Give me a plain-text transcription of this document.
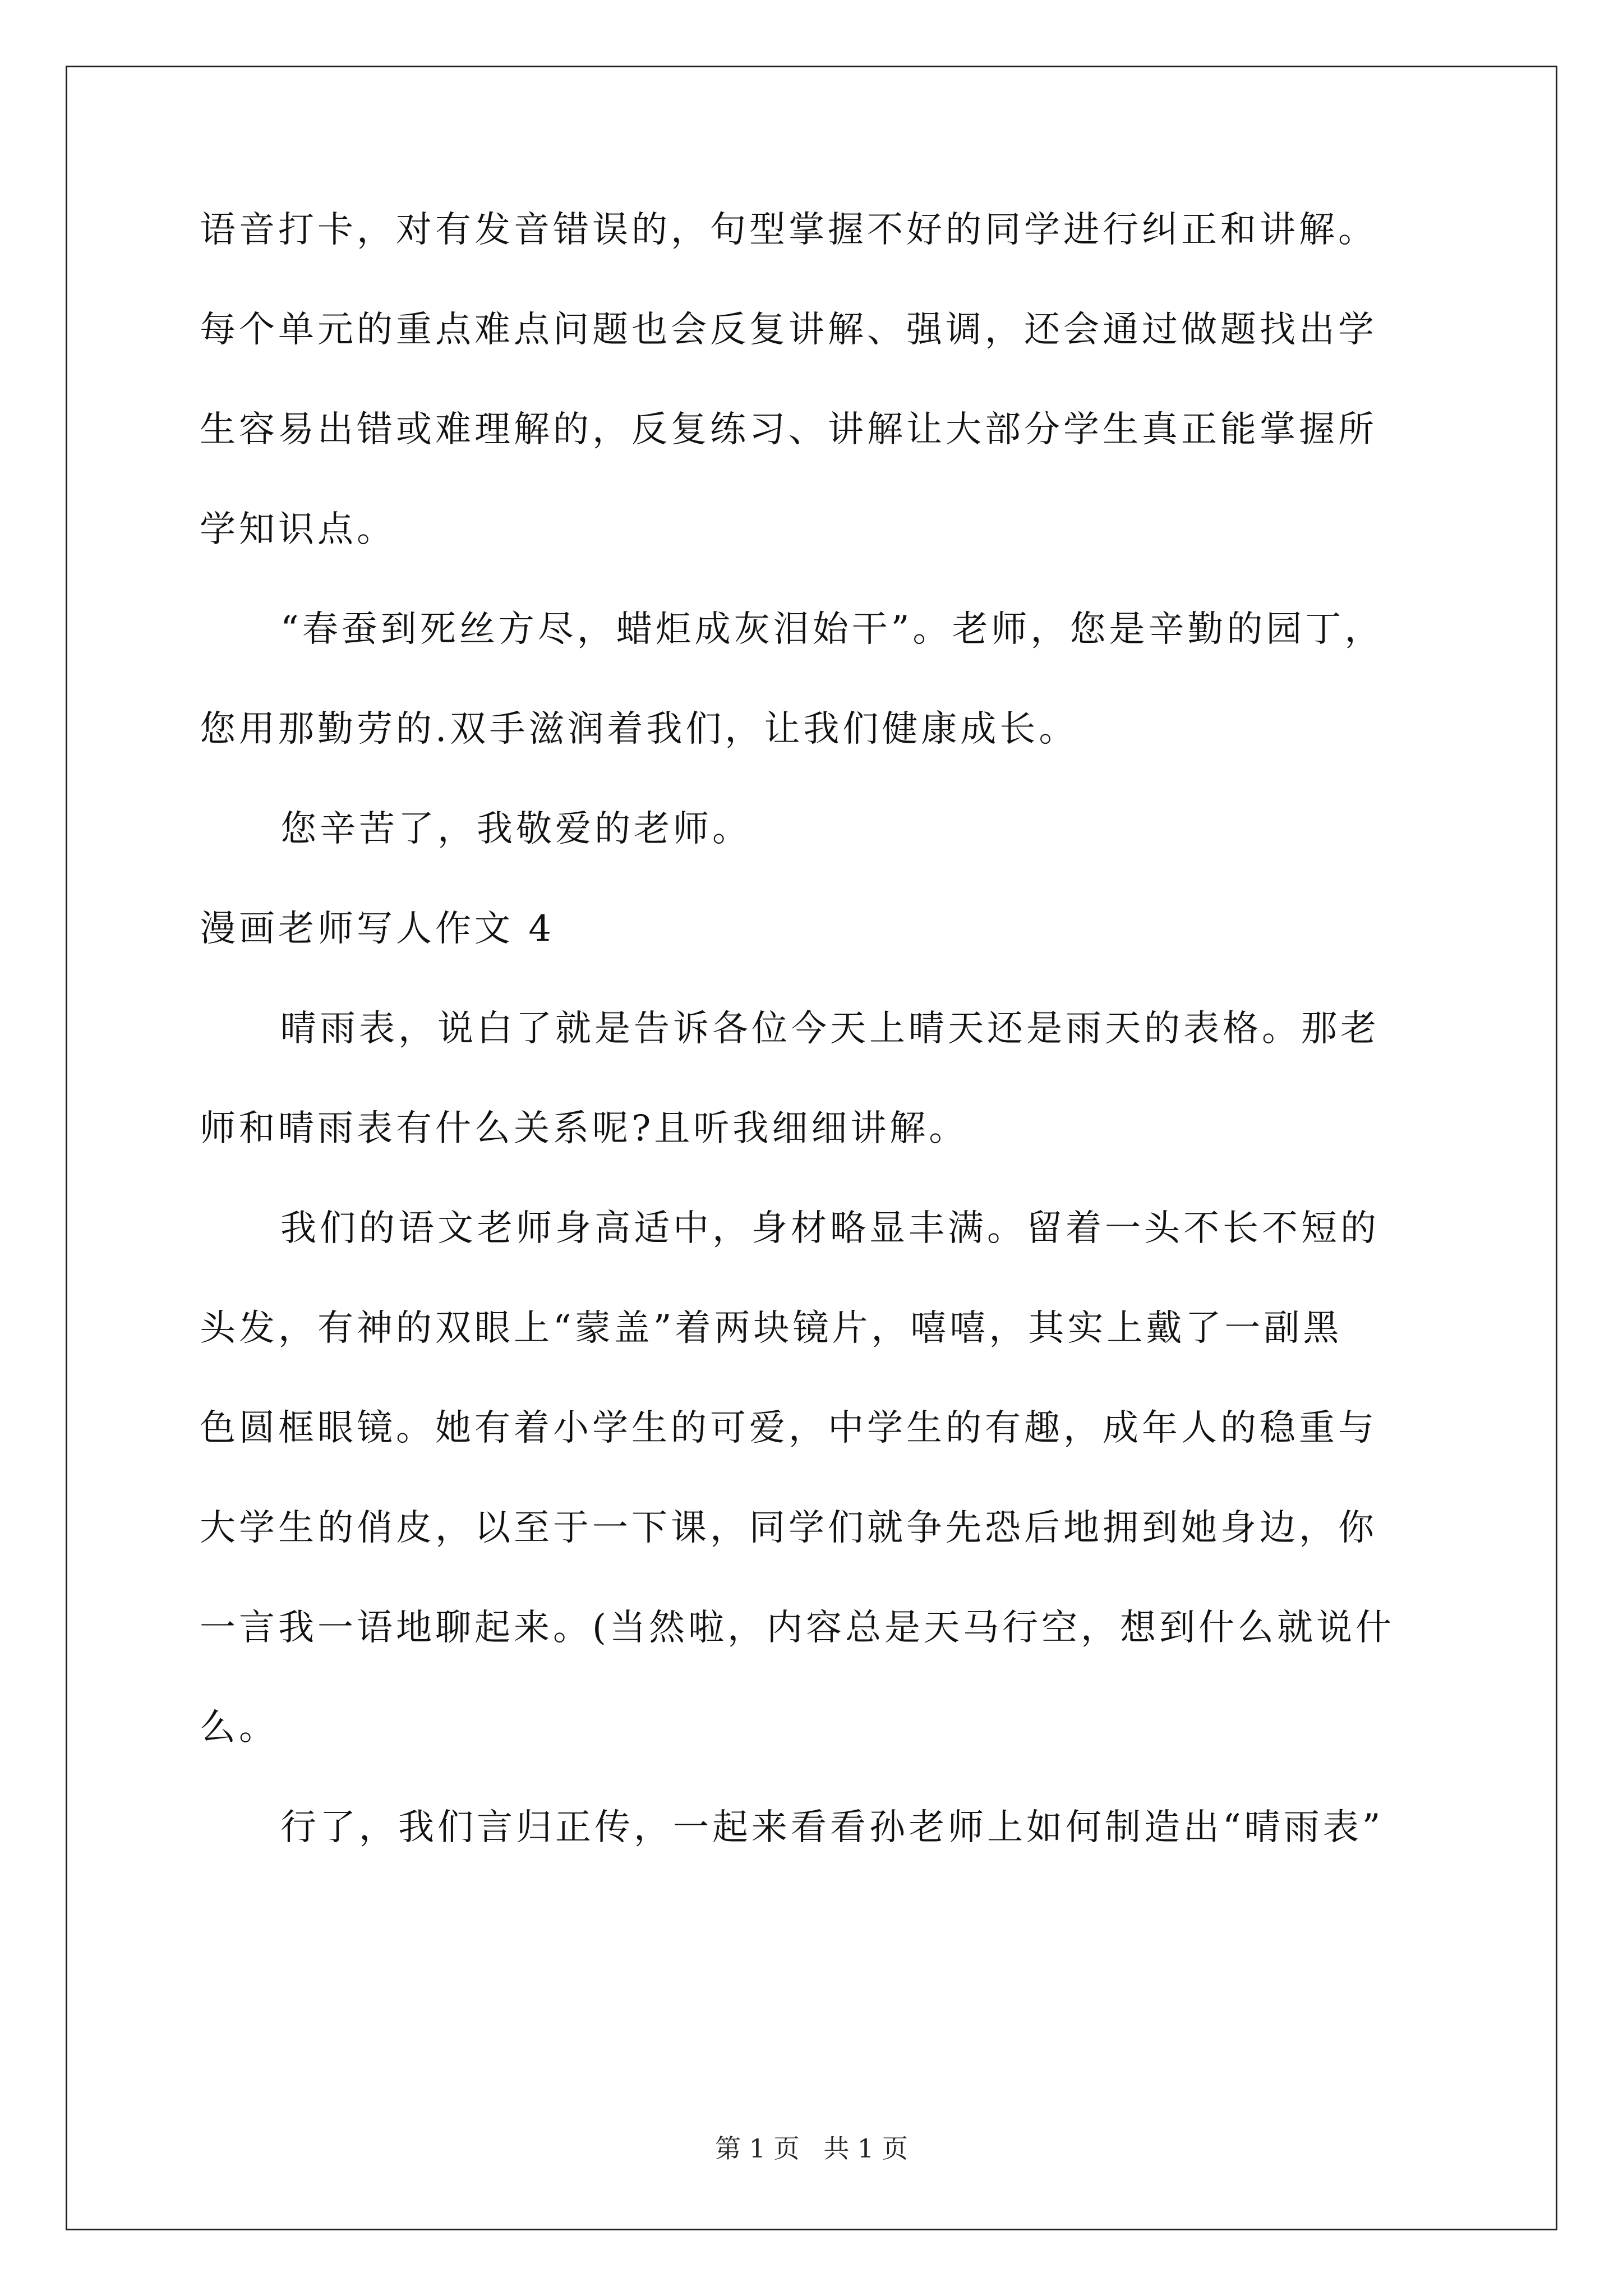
语音打卡，对有发音错误的，句型掌握不好的同学进行纠正和讲解。
每个单元的重点难点问题也会反复讲解、强调，还会通过做题找出学
生容易出错或难理解的，反复练习、讲解让大部分学生真正能掌握所
学知识点。
“春蚕到死丝方尽，蜡炬成灰泪始干”。老师，您是辛勤的园丁，
您用那勤劳的.双手滋润着我们，让我们健康成长。
您辛苦了，我敬爱的老师。
漫画老师写人作文 4
晴雨表，说白了就是告诉各位今天上晴天还是雨天的表格。那老
师和晴雨表有什么关系呢?且听我细细讲解。
我们的语文老师身高适中，身材略显丰满。留着一头不长不短的
头发，有神的双眼上“蒙盖”着两块镜片，嘻嘻，其实上戴了一副黑
色圆框眼镜。她有着小学生的可爱，中学生的有趣，成年人的稳重与
大学生的俏皮，以至于一下课，同学们就争先恐后地拥到她身边，你
一言我一语地聊起来。(当然啦，内容总是天马行空，想到什么就说什
么。
行了，我们言归正传，一起来看看孙老师上如何制造出“晴雨表”
第 1 页 共 1 页
